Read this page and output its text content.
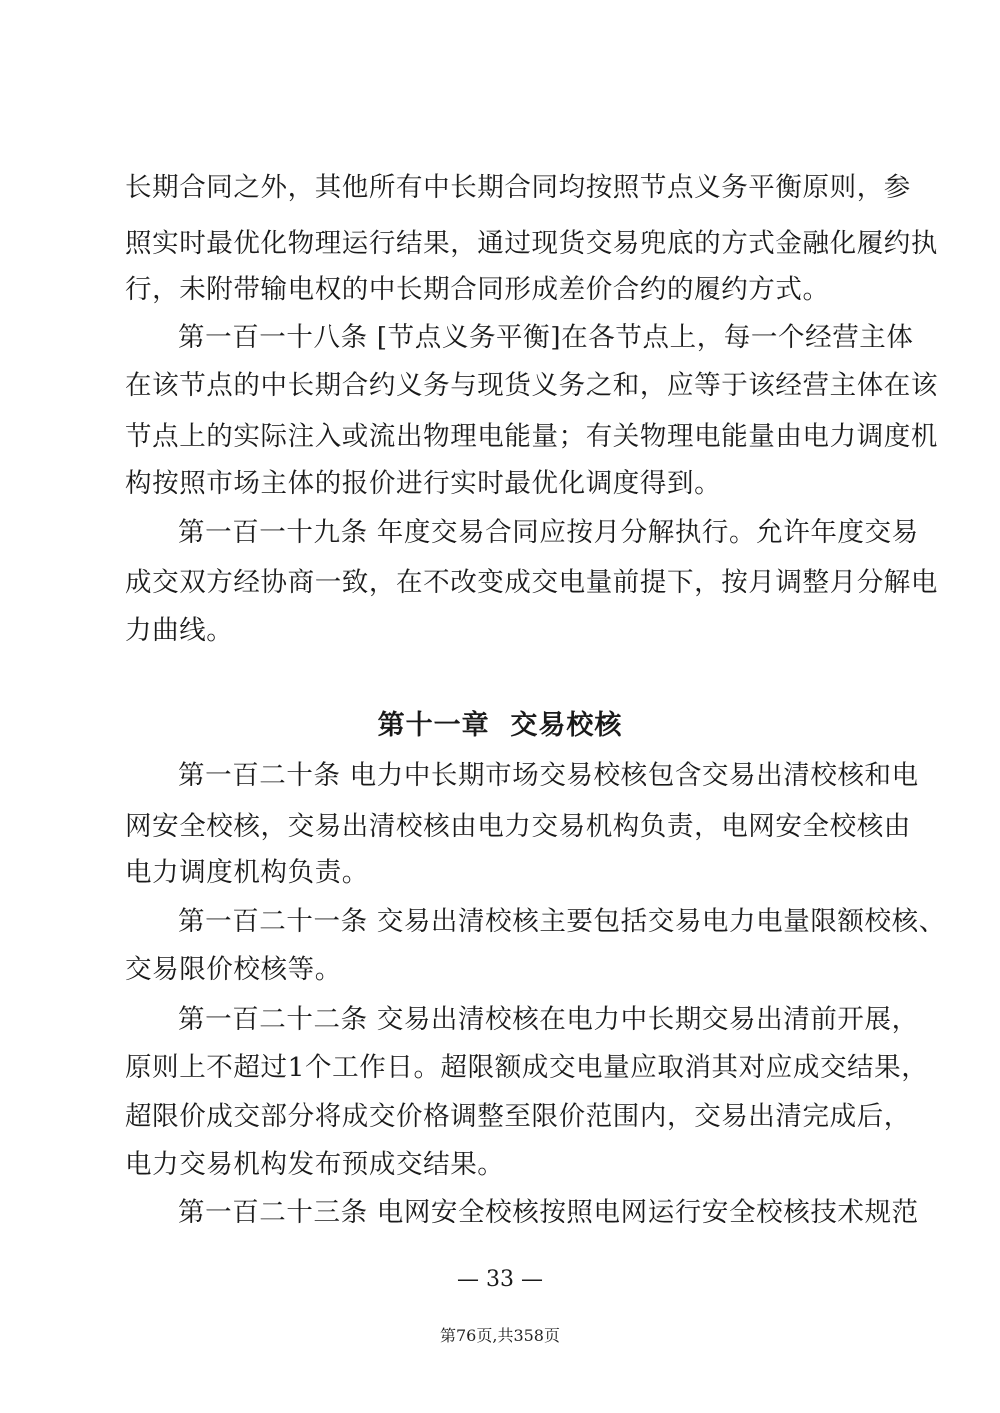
长期合同之外，其他所有中长期合同均按照节点义务平衡原则，参
照实时最优化物理运行结果，通过现货交易兜底的方式金融化履约执
行，未附带输电权的中长期合同形成差价合约的履约方式。
第一百一十八条 [节点义务平衡]在各节点上，每一个经营主体
在该节点的中长期合约义务与现货义务之和，应等于该经营主体在该
节点上的实际注入或流出物理电能量；有关物理电能量由电力调度机
构按照市场主体的报价进行实时最优化调度得到。
第一百一十九条 年度交易合同应按月分解执行。允许年度交易
成交双方经协商一致，在不改变成交电量前提下，按月调整月分解电
力曲线。
第十一章  交易校核
第一百二十条 电力中长期市场交易校核包含交易出清校核和电
网安全校核，交易出清校核由电力交易机构负责，电网安全校核由
电力调度机构负责。
第一百二十一条 交易出清校核主要包括交易电力电量限额校核、
交易限价校核等。
第一百二十二条 交易出清校核在电力中长期交易出清前开展，
原则上不超过1个工作日。超限额成交电量应取消其对应成交结果，
超限价成交部分将成交价格调整至限价范围内，交易出清完成后，
电力交易机构发布预成交结果。
第一百二十三条 电网安全校核按照电网运行安全校核技术规范
— 33 —
第76页,共358页
